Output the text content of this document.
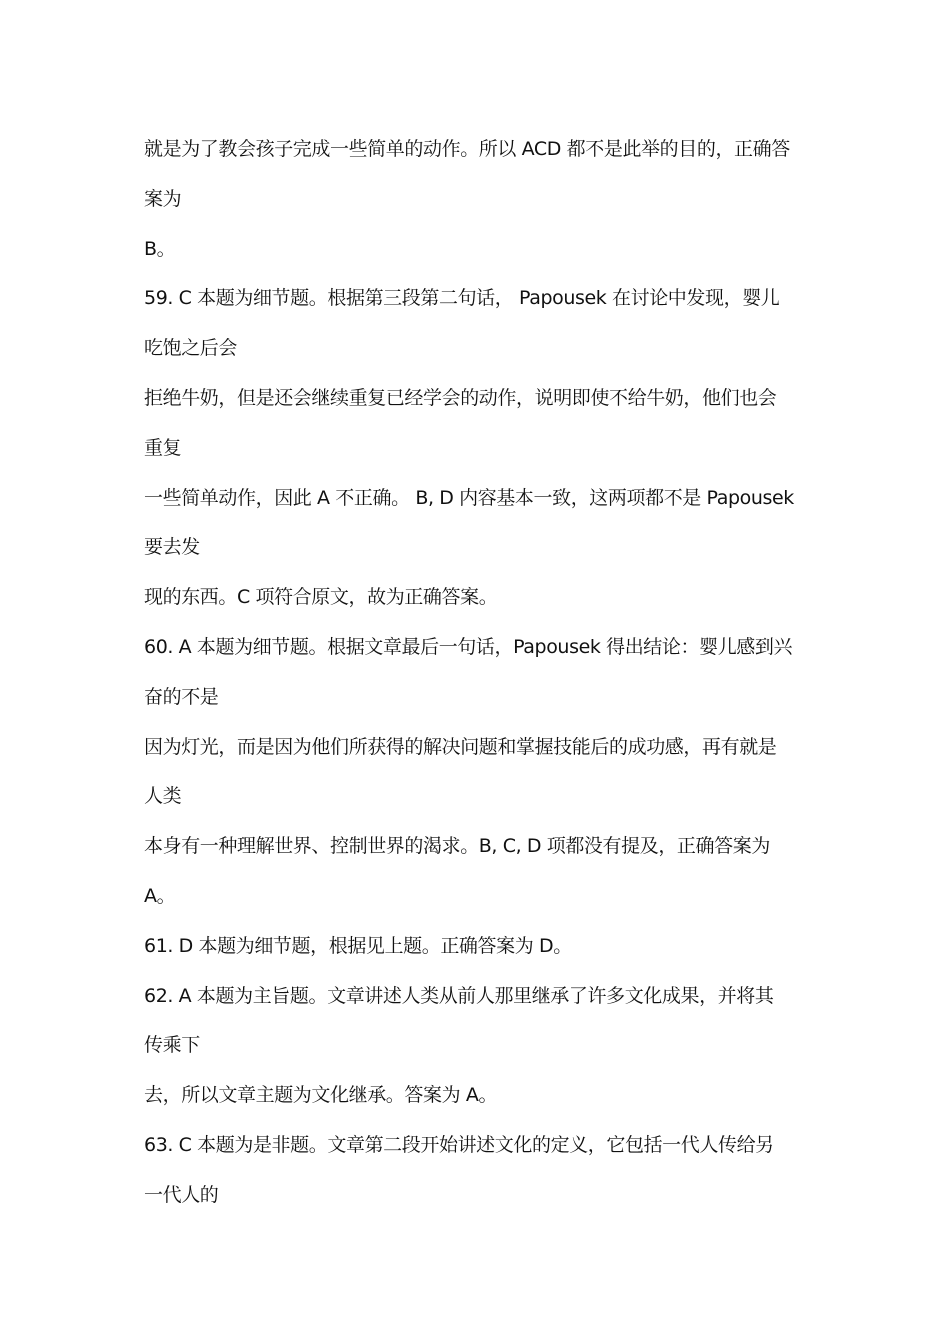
就是为了教会孩子完成一些简单的动作。所以 ACD 都不是此举的目的，正确答
案为
B。
59. C 本题为细节题。根据第三段第二句话， Papousek 在讨论中发现，婴儿
吃饱之后会
拒绝牛奶，但是还会继续重复已经学会的动作，说明即使不给牛奶，他们也会
重复
一些简单动作，因此 A 不正确。 B, D 内容基本一致，这两项都不是 Papousek
要去发
现的东西。C 项符合原文，故为正确答案。
60. A 本题为细节题。根据文章最后一句话，Papousek 得出结论：婴儿感到兴
奋的不是
因为灯光，而是因为他们所获得的解决问题和掌握技能后的成功感，再有就是
人类
本身有一种理解世界、控制世界的渴求。B, C, D 项都没有提及，正确答案为
A。
61. D 本题为细节题，根据见上题。正确答案为 D。
62. A 本题为主旨题。文章讲述人类从前人那里继承了许多文化成果，并将其
传乘下
去，所以文章主题为文化继承。答案为 A。
63. C 本题为是非题。文章第二段开始讲述文化的定义，它包括一代人传给另
一代人的
